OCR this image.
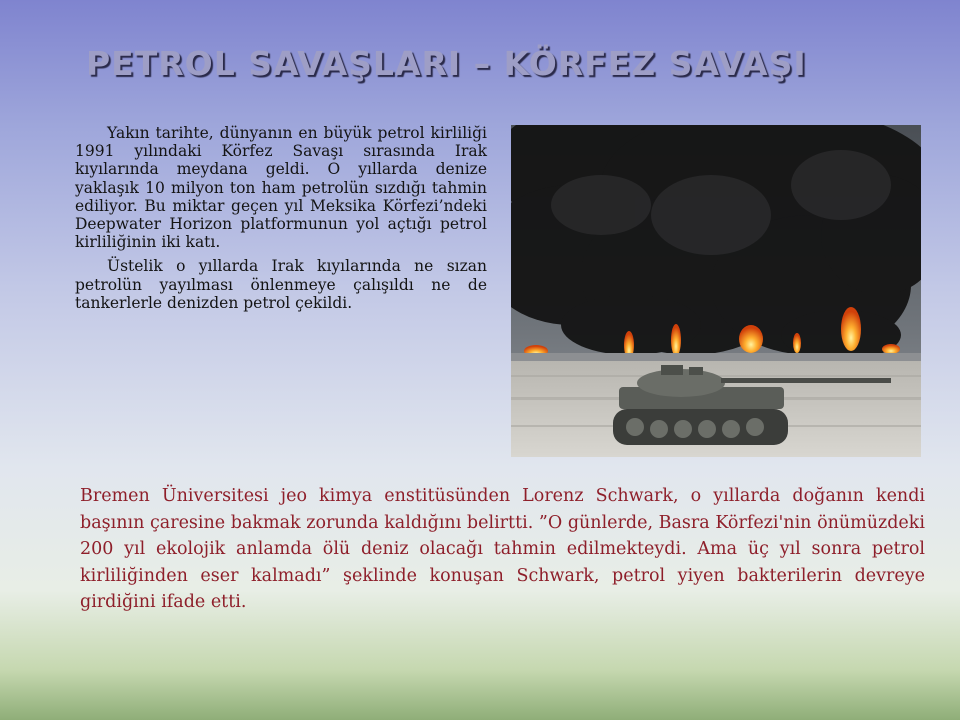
PETROL SAVAŞLARI – KÖRFEZ SAVAŞI

Yakın tarihte, dünyanın en büyük petrol kirliliği 1991 yılındaki Körfez Savaşı sırasında Irak kıyılarında meydana geldi. O yıllarda denize yaklaşık 10 milyon ton ham petrolün sızdığı tahmin ediliyor. Bu miktar geçen yıl Meksika Körfezi’ndeki Deepwater Horizon platformunun yol açtığı petrol kirliliğinin iki katı.

Üstelik o yıllarda Irak kıyılarında ne sızan petrolün yayılması önlenmeye çalışıldı ne de tankerlerle denizden petrol çekildi.

Bremen Üniversitesi jeo kimya enstitüsünden Lorenz Schwark, o yıllarda doğanın kendi başının çaresine bakmak zorunda kaldığını belirtti. ”O günlerde, Basra Körfezi'nin önümüzdeki 200 yıl ekolojik anlamda ölü deniz olacağı tahmin edilmekteydi. Ama üç yıl sonra petrol kirliliğinden eser kalmadı” şeklinde konuşan Schwark, petrol yiyen bakterilerin devreye girdiğini ifade etti.
